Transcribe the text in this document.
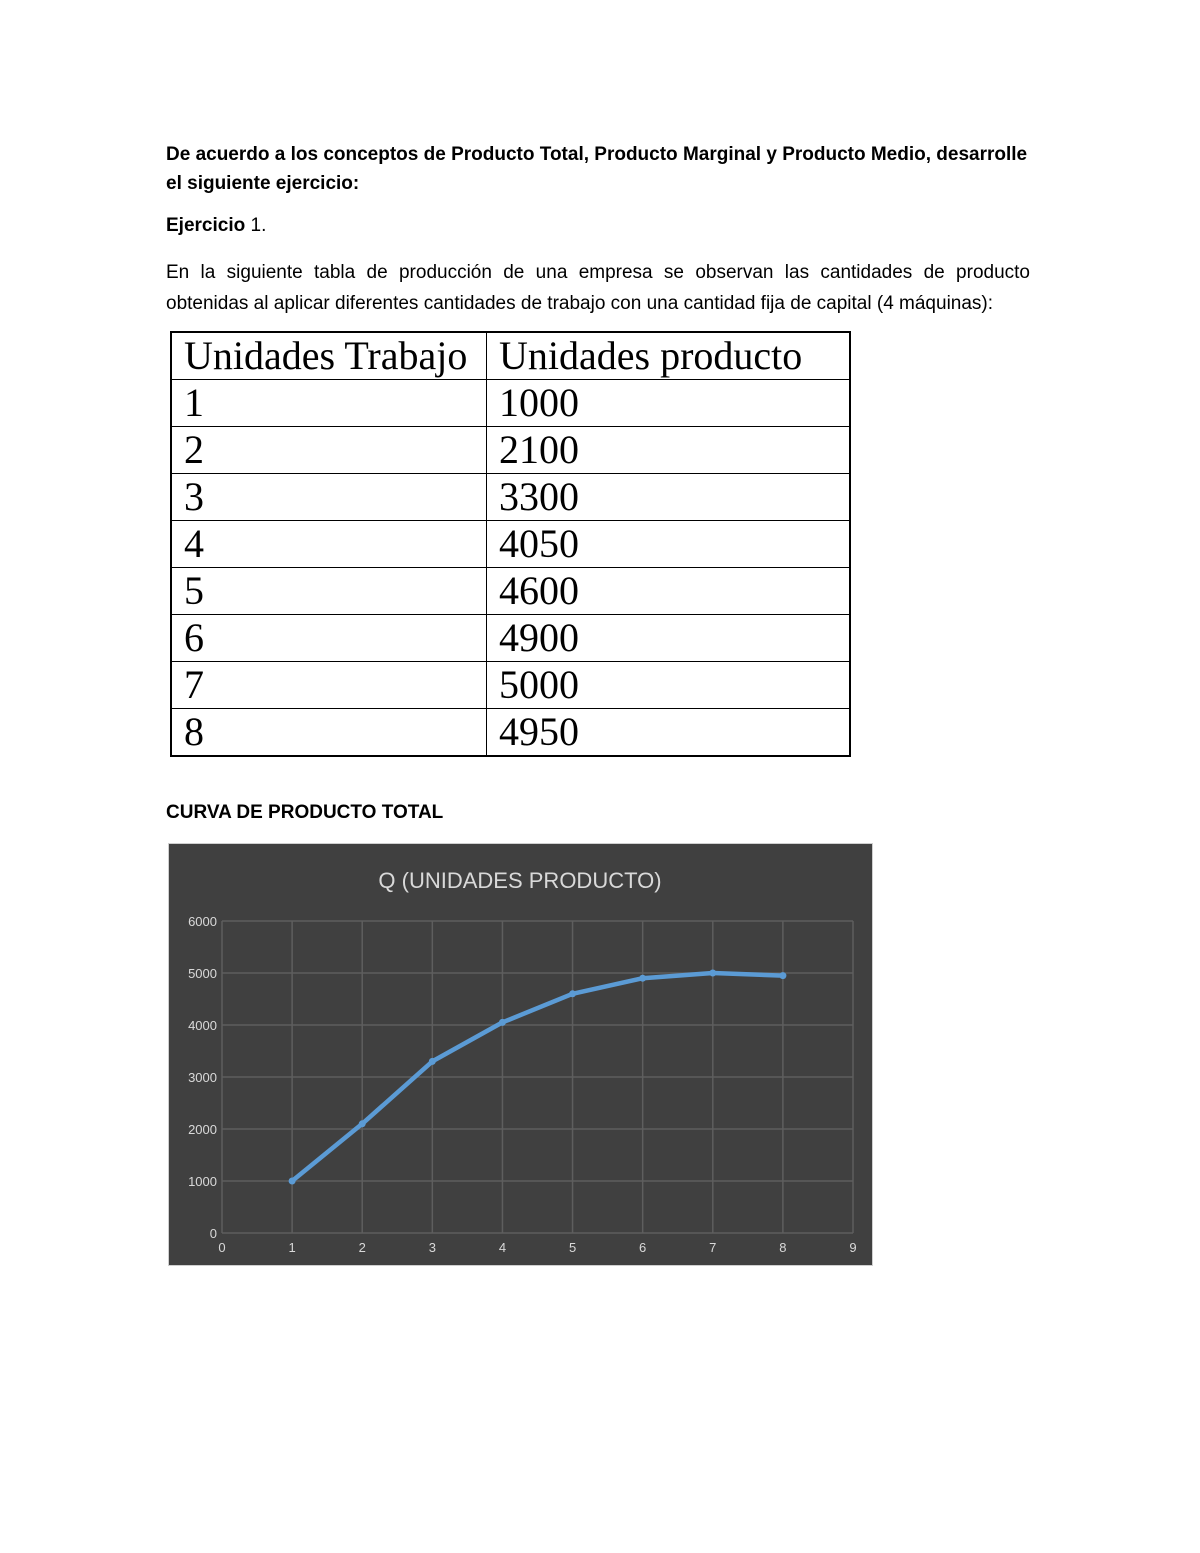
De acuerdo a los conceptos de Producto Total, Producto Marginal y Producto Medio, desarrolle el siguiente ejercicio:
Ejercicio 1.
En la siguiente tabla de producción de una empresa se observan las cantidades de producto
obtenidas al aplicar diferentes cantidades de trabajo con una cantidad fija de capital (4 máquinas):
Unidades Trabajo	Unidades producto
1	1000
2	2100
3	3300
4	4050
5	4600
6	4900
7	5000
8	4950
CURVA DE PRODUCTO TOTAL
Q (UNIDADES PRODUCTO)
0	1	2	3	4	5	6	7	8	9
0
1000
2000
3000
4000
5000
6000
